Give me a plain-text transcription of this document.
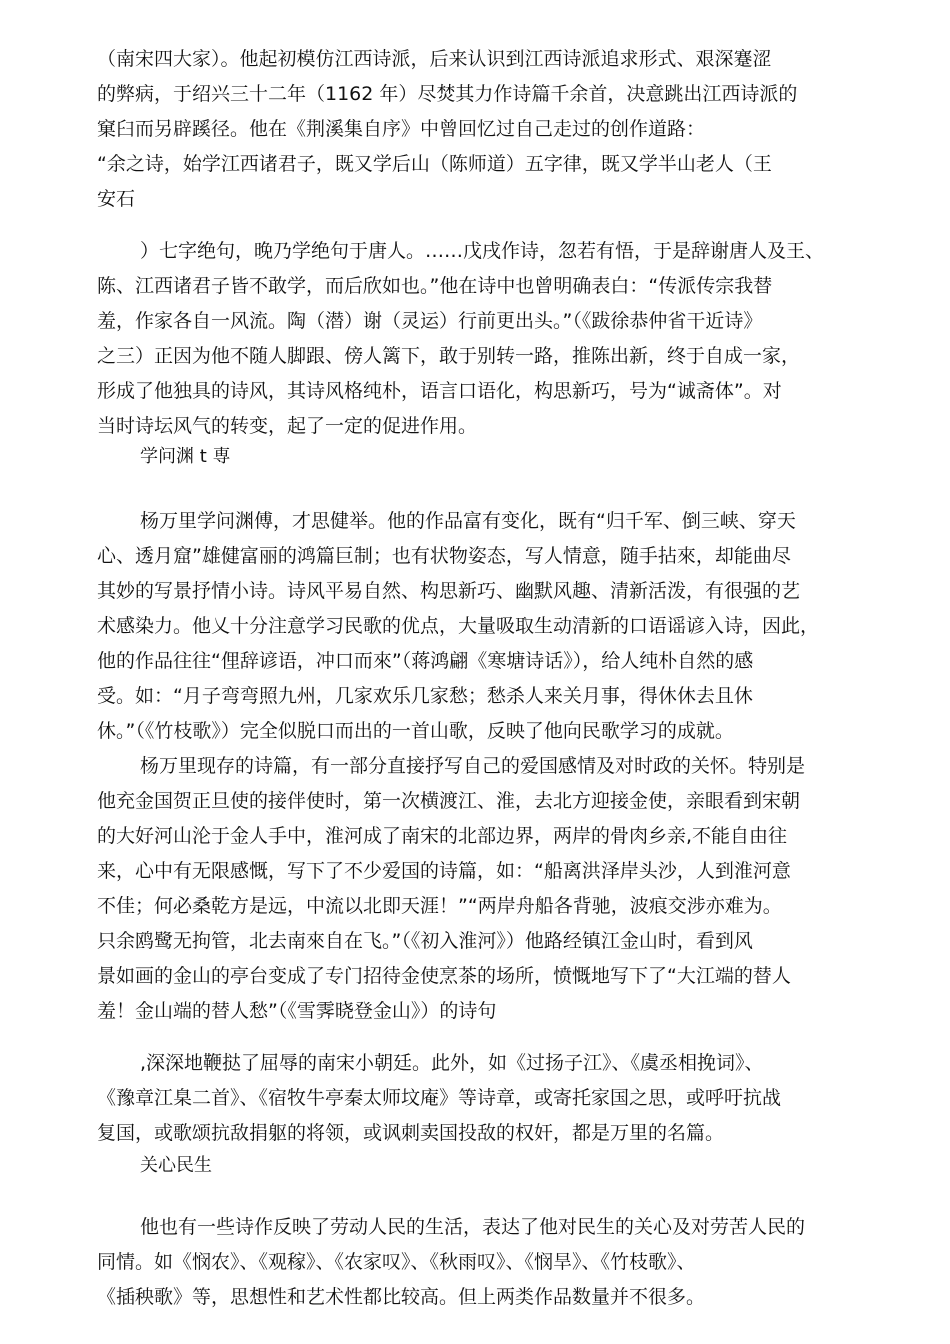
（南宋四大家）。他起初模仿江西诗派，后来认识到江西诗派追求形式、艰深蹇涩
的弊病，于绍兴三十二年（1162 年）尽焚其力作诗篇千余首，决意跳出江西诗派的
窠臼而另辟蹊径。他在《荆溪集自序》中曾回忆过自己走过的创作道路：
“余之诗，始学江西诸君子，既又学后山（陈师道）五字律，既又学半山老人（王
安石
）七字绝句，晚乃学绝句于唐人。……戊戌作诗，忽若有悟，于是辞谢唐人及王、
陈、江西诸君子皆不敢学，而后欣如也。”他在诗中也曾明确表白：“传派传宗我替
羞，作家各自一风流。陶（潜）谢（灵运）行前更出头。”（《跋徐恭仲省干近诗》
之三）正因为他不随人脚跟、傍人篱下，敢于别转一路，推陈出新，终于自成一家，
形成了他独具的诗风，其诗风格纯朴，语言口语化，构思新巧，号为“诚斋体”。对
当时诗坛风气的转变，起了一定的促进作用。
学问渊 t 専
杨万里学问渊傅，才思健举。他的作品富有变化，既有“归千军、倒三峡、穿天
心、透月窟”雄健富丽的鸿篇巨制；也有状物姿态，写人情意，随手拈來，却能曲尽
其妙的写景抒情小诗。诗风平易自然、构思新巧、幽默风趣、清新活泼，有很强的艺
术感染力。他乂十分注意学习民歌的优点，大量吸取生动清新的口语谣谚入诗，因此，
他的作品往往“俚辞谚语，冲口而來”（蒋鸿翩《寒塘诗话》），给人纯朴自然的感
受。如：“月子弯弯照九州，几家欢乐几家愁；愁杀人来关月事，得休休去且休
休。”（《竹枝歌》）完全似脱口而出的一首山歌，反映了他向民歌学习的成就。
杨万里现存的诗篇，有一部分直接抒写自己的爱国感情及对时政的关怀。特别是
他充金国贺正旦使的接伴使时，第一次横渡江、淮，去北方迎接金使，亲眼看到宋朝
的大好河山沦于金人手中，淮河成了南宋的北部边界，两岸的骨肉乡亲,不能自由往
来，心中有无限感慨，写下了不少爱国的诗篇，如：“船离洪泽岸头沙，人到淮河意
不佳；何必桑乾方是远，中流以北即天涯！”“两岸舟船各背驰，波痕交涉亦难为。
只余鸥鹭无拘管，北去南來自在飞。”（《初入淮河》）他路经镇江金山时，看到风
景如画的金山的亭台变成了专门招待金使烹茶的场所，愤慨地写下了“大江端的替人
羞！金山端的替人愁”（《雪霁晓登金山》）的诗句
,深深地鞭挞了屈辱的南宋小朝廷。此外，如《过扬子江》、《虞丞相挽词》、
《豫章江臬二首》、《宿牧牛亭秦太师坟庵》等诗章，或寄托家国之思，或呼吁抗战
复国，或歌颂抗敌捐躯的将领，或讽刺卖国投敌的权奸，都是万里的名篇。
关心民生
他也有一些诗作反映了劳动人民的生活，表达了他对民生的关心及对劳苦人民的
同情。如《悯农》、《观稼》、《农家叹》、《秋雨叹》、《悯旱》、《竹枝歌》、
《插秧歌》等，思想性和艺术性都比较高。但上两类作品数量并不很多。
